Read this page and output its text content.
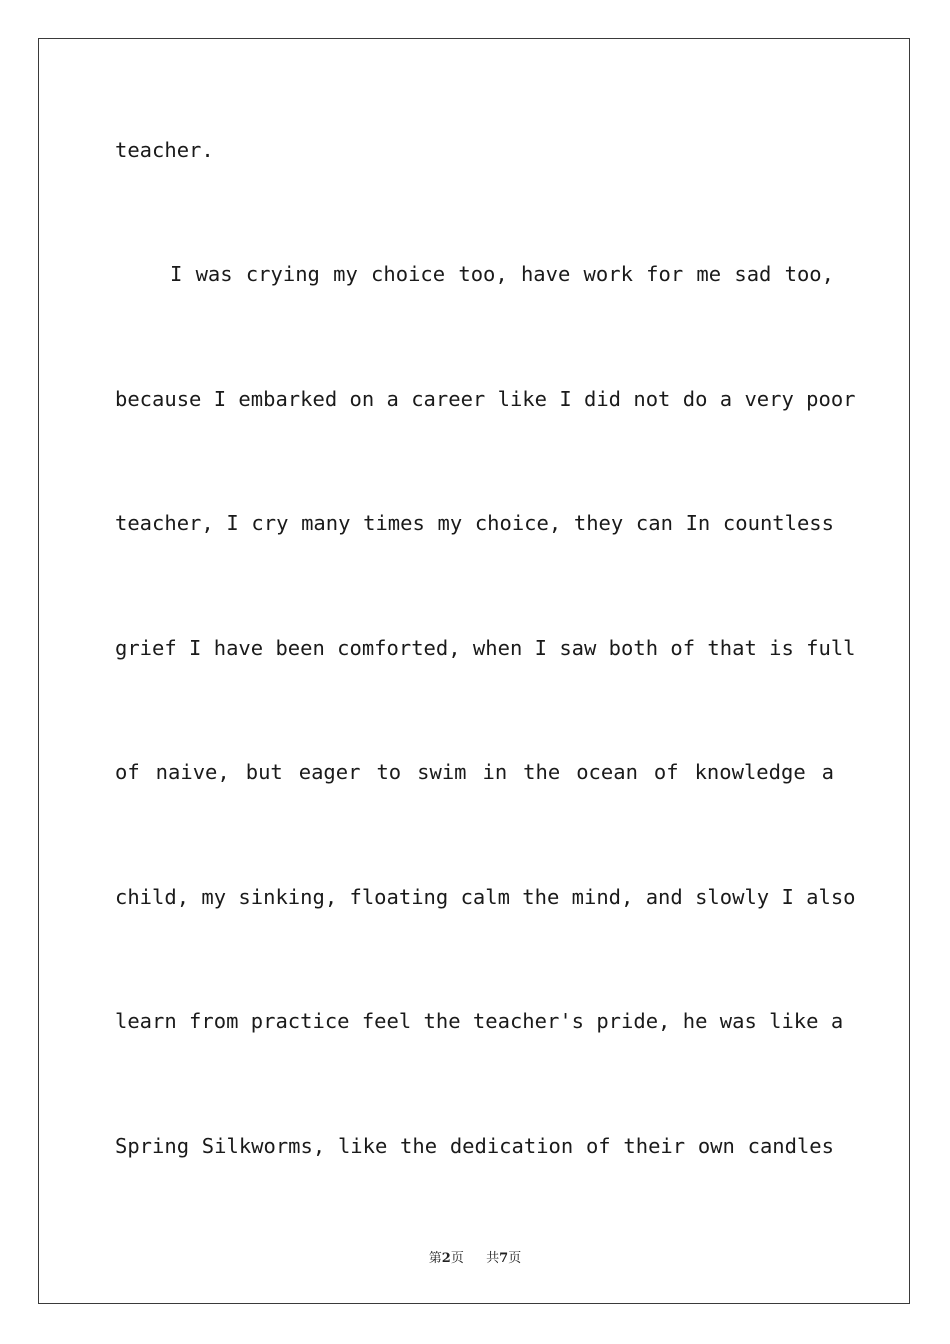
teacher.
I was crying my choice too, have work for me sad too,
because I embarked on a career like I did not do a very poor
teacher, I cry many times my choice, they can In countless
grief I have been comforted, when I saw both of that is full
of naive, but eager to swim in the ocean of knowledge a
child, my sinking, floating calm the mind, and slowly I also
learn from practice feel the teacher's pride, he was like a
Spring Silkworms, like the dedication of their own candles
第2页 共7页
